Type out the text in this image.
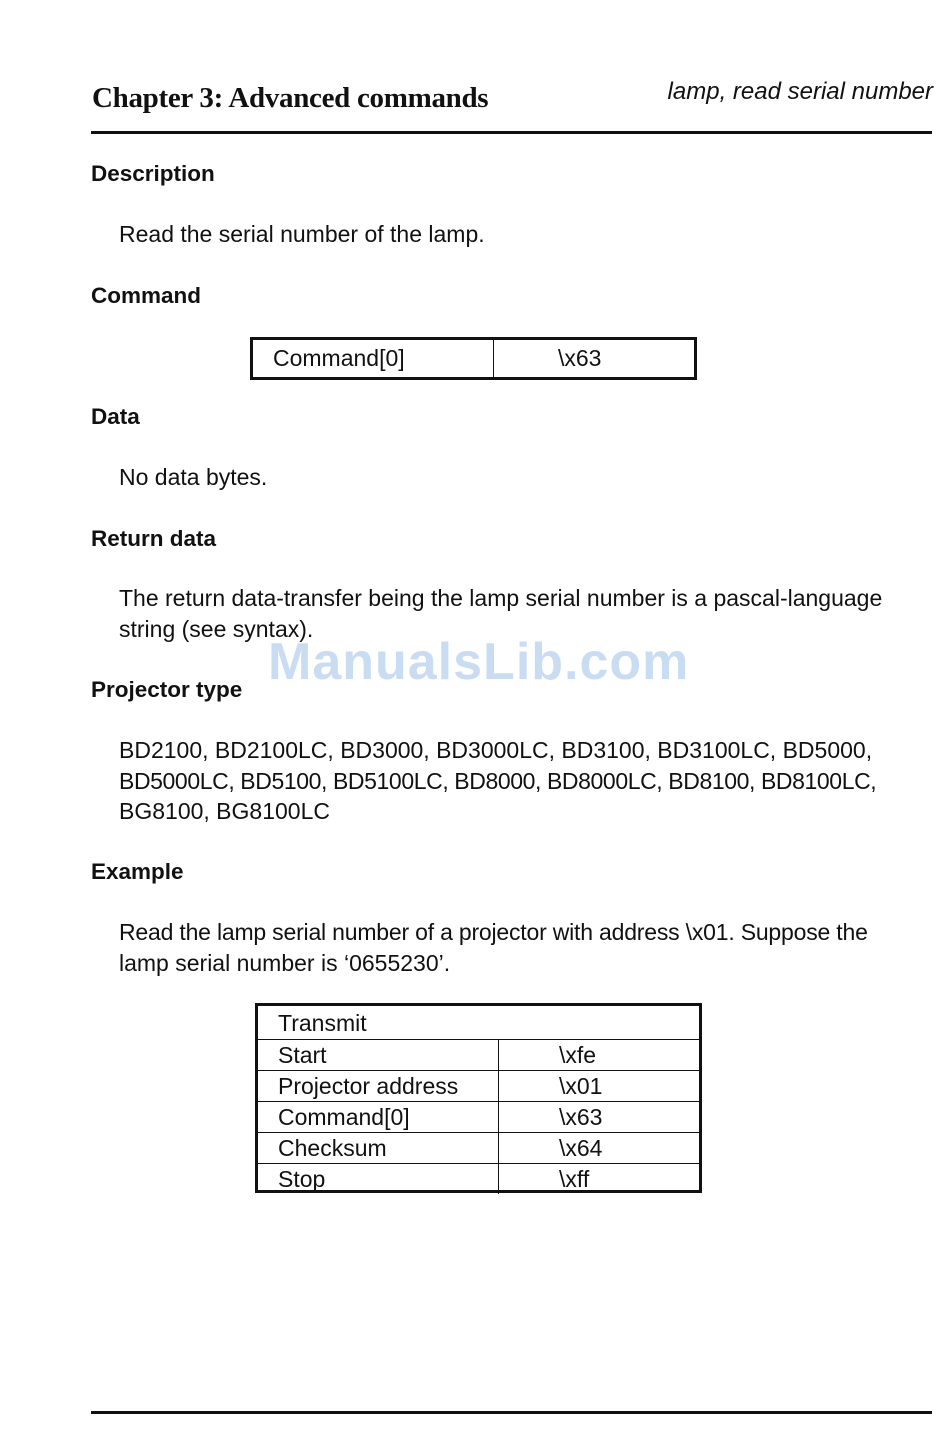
Chapter 3: Advanced commands	lamp, read serial number
Description
Read the serial number of the lamp.
Command
Command[0]	\x63
Data
No data bytes.
Return data
The return data-transfer being the lamp serial number is a pascal-language
string (see syntax).
ManualsLib.com
Projector type
BD2100, BD2100LC, BD3000, BD3000LC, BD3100, BD3100LC, BD5000,
BD5000LC, BD5100, BD5100LC, BD8000, BD8000LC, BD8100, BD8100LC,
BG8100, BG8100LC
Example
Read the lamp serial number of a projector with address \x01. Suppose the
lamp serial number is ‘0655230’.
Transmit	
Start	\xfe
Projector address	\x01
Command[0]	\x63
Checksum	\x64
Stop	\xff
